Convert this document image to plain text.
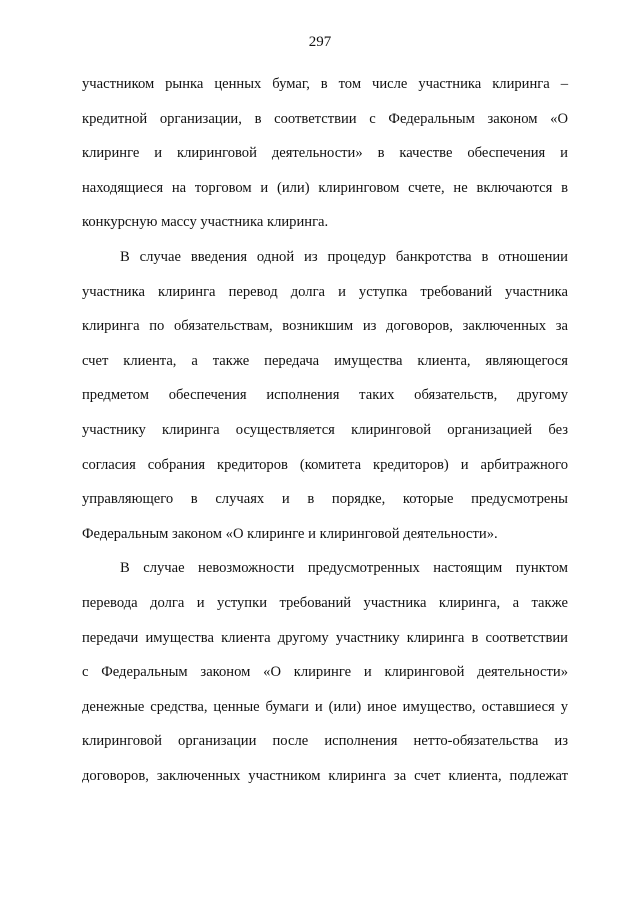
297
участником рынка ценных бумаг, в том числе участника клиринга –
кредитной организации, в соответствии с Федеральным законом «О
клиринге и клиринговой деятельности» в качестве обеспечения и
находящиеся на торговом и (или) клиринговом счете, не включаются в
конкурсную массу участника клиринга.
В случае введения одной из процедур банкротства в отношении
участника клиринга перевод долга и уступка требований участника
клиринга по обязательствам, возникшим из договоров, заключенных за
счет клиента, а также передача имущества клиента, являющегося
предметом обеспечения исполнения таких обязательств, другому
участнику клиринга осуществляется клиринговой организацией без
согласия собрания кредиторов (комитета кредиторов) и арбитражного
управляющего в случаях и в порядке, которые предусмотрены
Федеральным законом «О клиринге и клиринговой деятельности».
В случае невозможности предусмотренных настоящим пунктом
перевода долга и уступки требований участника клиринга, а также
передачи имущества клиента другому участнику клиринга в соответствии
с Федеральным законом «О клиринге и клиринговой деятельности»
денежные средства, ценные бумаги и (или) иное имущество, оставшиеся у
клиринговой организации после исполнения нетто-обязательства из
договоров, заключенных участником клиринга за счет клиента, подлежат
